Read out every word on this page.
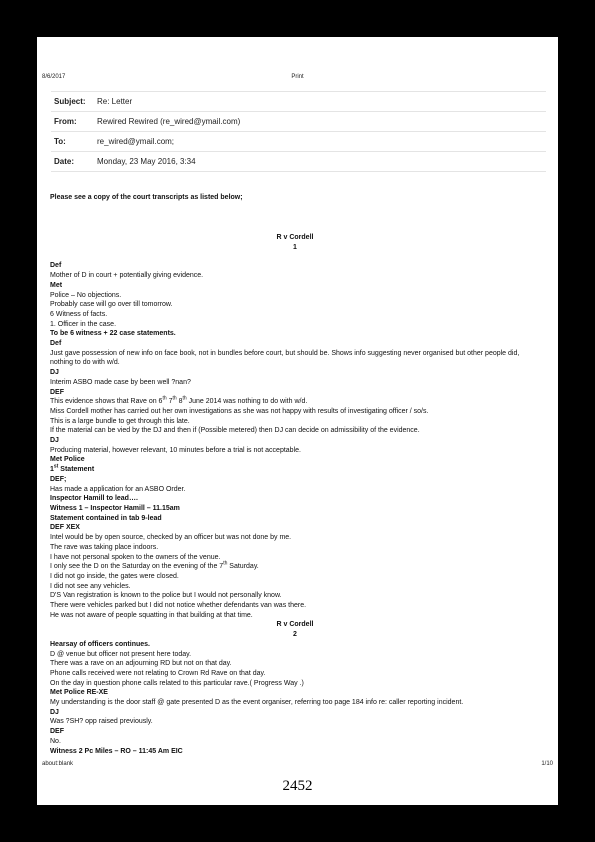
8/6/2017	Print
Subject:	Re: Letter
From:	Rewired Rewired (re_wired@ymail.com)
To:	re_wired@ymail.com;
Date:	Monday, 23 May 2016, 3:34
Please see a copy of the court transcripts as listed below;
R v Cordell
1
Def
Mother of D in court + potentially giving evidence.
Met
Police – No objections.
Probably case will go over till tomorrow.
6 Witness of facts.
1. Officer in the case.
To be 6 witness + 22 case statements.
Def
Just gave possession of new info on face book, not in bundles before court, but should be. Shows info suggesting never organised but other people did, nothing to do with w/d.
DJ
Interim ASBO made case by been well ?nan?
DEF
This evidence shows that Rave on 6th 7th 8th June 2014 was nothing to do with w/d.
Miss Cordell mother has carried out her own investigations as she was not happy with results of investigating officer / so/s.
This is a large bundle to get through this late.
If the material can be vied by the DJ and then if (Possible metered) then DJ can decide on admissibility of the evidence.
DJ
Producing material, however relevant, 10 minutes before a trial is not acceptable.
Met Police
1st Statement
DEF;
Has made a application for an ASBO Order.
Inspector Hamill to lead….
Witness 1 – Inspector Hamill – 11.15am
Statement contained in tab 9-lead
DEF XEX
Intel would be by open source, checked by an officer but was not done by me.
The rave was taking place indoors.
I have not personal spoken to the owners of the venue.
I only see the D on the Saturday on the evening of the 7th Saturday.
I did not go inside, the gates were closed.
I did not see any vehicles.
D'S Van registration is known to the police but I would not personally know.
There were vehicles parked but I did not notice whether defendants van was there.
He was not aware of people squatting in that building at that time.
R v Cordell
2
Hearsay of officers continues.
D @ venue but officer not present here today.
There was a rave on an adjourning RD but not on that day.
Phone calls received were not relating to Crown Rd Rave on that day.
On the day in question phone calls related to this particular rave.( Progress Way .)
Met Police RE-XE
My understanding is the door staff @ gate presented D as the event organiser, referring too page 184 info re: caller reporting incident.
DJ
Was ?SH? opp raised previously.
DEF
No.
Witness 2 Pc Miles – RO – 11:45 Am EIC
about:blank	1/10
2452
